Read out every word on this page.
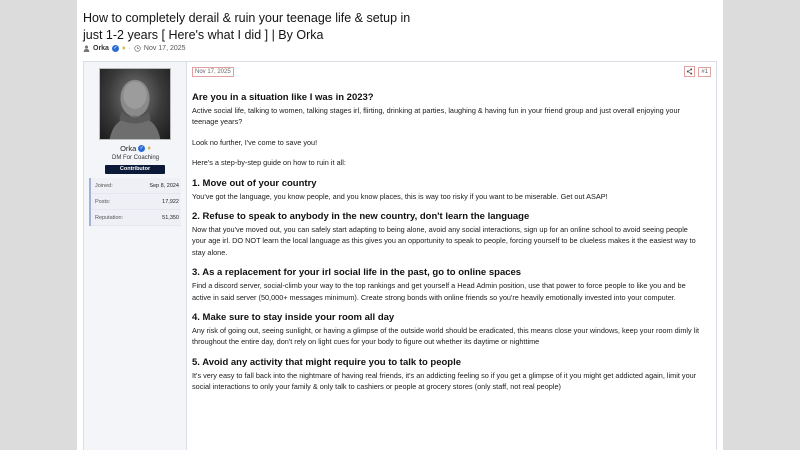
How to completely derail & ruin your teenage life & setup in just 1-2 years [ Here's what I did ] | By Orka
Orka ✓ ♦ · Nov 17, 2025
Orka ✓ ♦
DM For Coaching
Contributor
Joined:	Sep 8, 2024
Posts:	17,922
Reputation:	51,350
Nov 17, 2025	#1
Are you in a situation like I was in 2023?

Active social life, talking to women, talking stages irl, flirting, drinking at parties, laughing & having fun in your friend group and just overall enjoying your teenage years?

Look no further, I've come to save you!

Here's a step-by-step guide on how to ruin it all:

1. Move out of your country

You've got the language, you know people, and you know places, this is way too risky if you want to be miserable. Get out ASAP!

2. Refuse to speak to anybody in the new country, don't learn the language

Now that you've moved out, you can safely start adapting to being alone, avoid any social interactions, sign up for an online school to avoid seeing people your age irl. DO NOT learn the local language as this gives you an opportunity to speak to people, forcing yourself to be clueless makes it the easiest way to stay alone.

3. As a replacement for your irl social life in the past, go to online spaces

Find a discord server, social-climb your way to the top rankings and get yourself a Head Admin position, use that power to force people to like you and be active in said server (50,000+ messages minimum). Create strong bonds with online friends so you're heavily emotionally invested into your computer.

4. Make sure to stay inside your room all day

Any risk of going out, seeing sunlight, or having a glimpse of the outside world should be eradicated, this means close your windows, keep your room dimly lit throughout the entire day, don't rely on light cues for your body to figure out whether its daytime or nighttime

5. Avoid any activity that might require you to talk to people

It's very easy to fall back into the nightmare of having real friends, it's an addicting feeling so if you get a glimpse of it you might get addicted again, limit your social interactions to only your family & only talk to cashiers or people at grocery stores (only staff, not real people)
